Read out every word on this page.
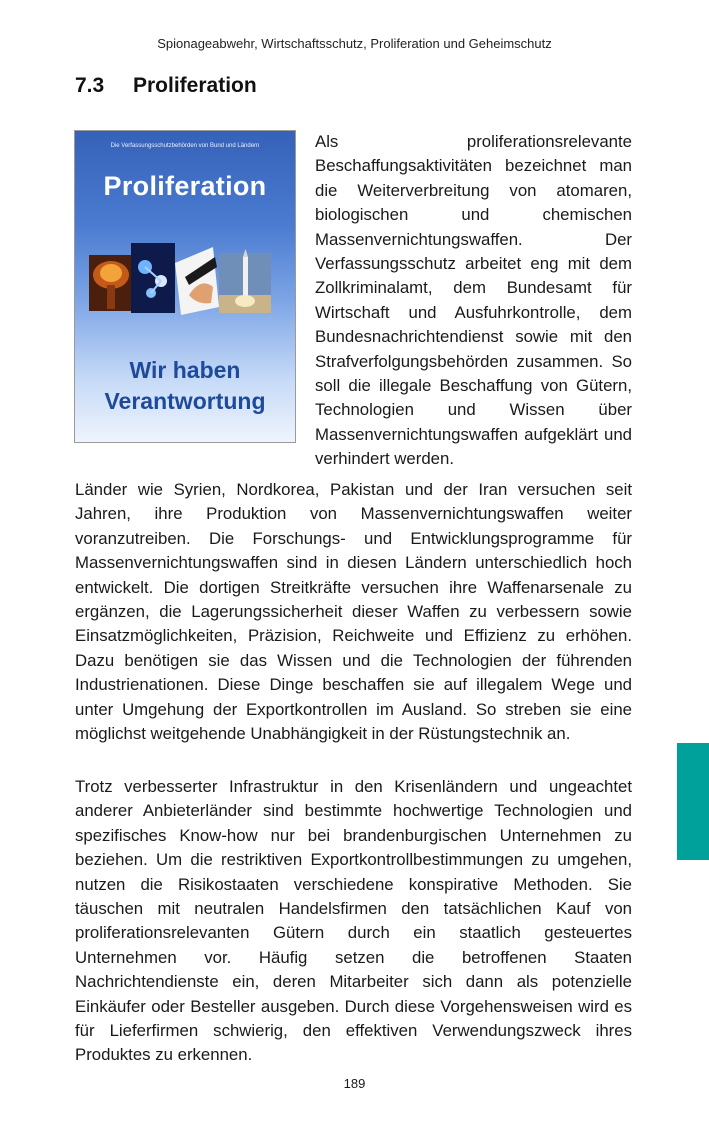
Spionageabwehr, Wirtschaftsschutz, Proliferation und Geheimschutz
7.3	Proliferation
Die Verfassungsschutzbehörden von Bund und Ländern
Proliferation
Wir haben
Verantwortung
Als proliferationsrelevante Beschaffungsaktivitäten bezeichnet man die Weiterverbreitung von atomaren, biologischen und chemischen Massenvernichtungswaffen. Der Verfassungsschutz arbeitet eng mit dem Zollkriminalamt, dem Bundesamt für Wirtschaft und Ausfuhrkontrolle, dem Bundesnachrichtendienst sowie mit den Strafverfolgungsbehörden zusammen. So soll die illegale Beschaffung von Gütern, Technologien und Wissen über Massenvernichtungswaffen aufgeklärt und verhindert werden.
Länder wie Syrien, Nordkorea, Pakistan und der Iran versuchen seit Jahren, ihre Produktion von Massenvernichtungswaffen weiter voranzutreiben. Die Forschungs- und Entwicklungsprogramme für Massenvernichtungswaffen sind in diesen Ländern unterschiedlich hoch entwickelt. Die dortigen Streitkräfte versuchen ihre Waffenarsenale zu ergänzen, die Lagerungssicherheit dieser Waffen zu verbessern sowie Einsatzmöglichkeiten, Präzision, Reichweite und Effizienz zu erhöhen. Dazu benötigen sie das Wissen und die Technologien der führenden Industrienationen. Diese Dinge beschaffen sie auf illegalem Wege und unter Umgehung der Exportkontrollen im Ausland. So streben sie eine möglichst weitgehende Unabhängigkeit in der Rüstungstechnik an.
Trotz verbesserter Infrastruktur in den Krisenländern und ungeachtet anderer Anbieterländer sind bestimmte hochwertige Technologien und spezifisches Know-how nur bei brandenburgischen Unternehmen zu beziehen. Um die restriktiven Exportkontrollbestimmungen zu umgehen, nutzen die Risikostaaten verschiedene konspirative Methoden. Sie täuschen mit neutralen Handelsfirmen den tatsächlichen Kauf von proliferationsrelevanten Gütern durch ein staatlich gesteuertes Unternehmen vor. Häufig setzen die betroffenen Staaten Nachrichtendienste ein, deren Mitarbeiter sich dann als potenzielle Einkäufer oder Besteller ausgeben. Durch diese Vorgehensweisen wird es für Lieferfirmen schwierig, den effektiven Verwendungszweck ihres Produktes zu erkennen.
189
